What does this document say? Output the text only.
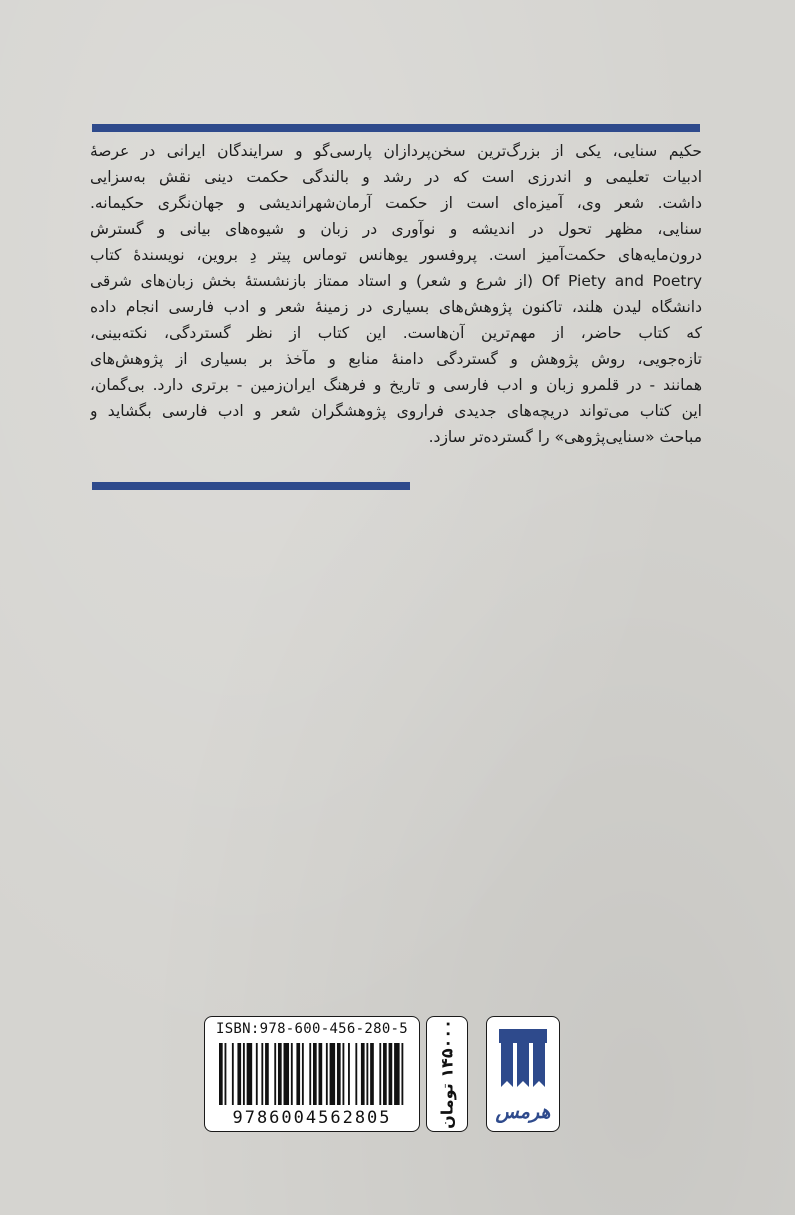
حکیم سنایی، یکی از بزرگ‌ترین سخن‌پردازان پارسی‌گو و سرایندگان ایرانی در عرصهٔ
ادبیات تعلیمی و اندرزی است که در رشد و بالندگی حکمت دینی نقش به‌سزایی
داشت. شعر وی، آمیزه‌ای است از حکمت آرمان‌شهراندیشی و جهان‌نگری حکیمانه.
سنایی، مظهر تحول در اندیشه و نوآوری در زبان و شیوه‌های بیانی و گسترش
درون‌مایه‌های حکمت‌آمیز است. پروفسور یوهانس توماس پیتر دِ بروین، نویسندهٔ کتاب
Of Piety and Poetry (از شرع و شعر) و استاد ممتاز بازنشستهٔ بخش زبان‌های شرقی
دانشگاه لیدن هلند، تاکنون پژوهش‌های بسیاری در زمینهٔ شعر و ادب فارسی انجام داده
که کتاب حاضر، از مهم‌ترین آن‌هاست. این کتاب از نظر گستردگی، نکته‌بینی،
تازه‌جویی، روش پژوهش و گستردگی دامنهٔ منابع و مآخذ بر بسیاری از پژوهش‌های
همانند - در قلمرو زبان و ادب فارسی و تاریخ و فرهنگ ایران‌زمین - برتری دارد. بی‌گمان،
این کتاب می‌تواند دریچه‌های جدیدی فراروی پژوهشگران شعر و ادب فارسی بگشاید و
مباحث «سنایی‌پژوهی» را گسترده‌تر سازد.
ISBN:978-600-456-280-5
9786004562805	۱۴۵۰۰۰ تومان
هرمس
